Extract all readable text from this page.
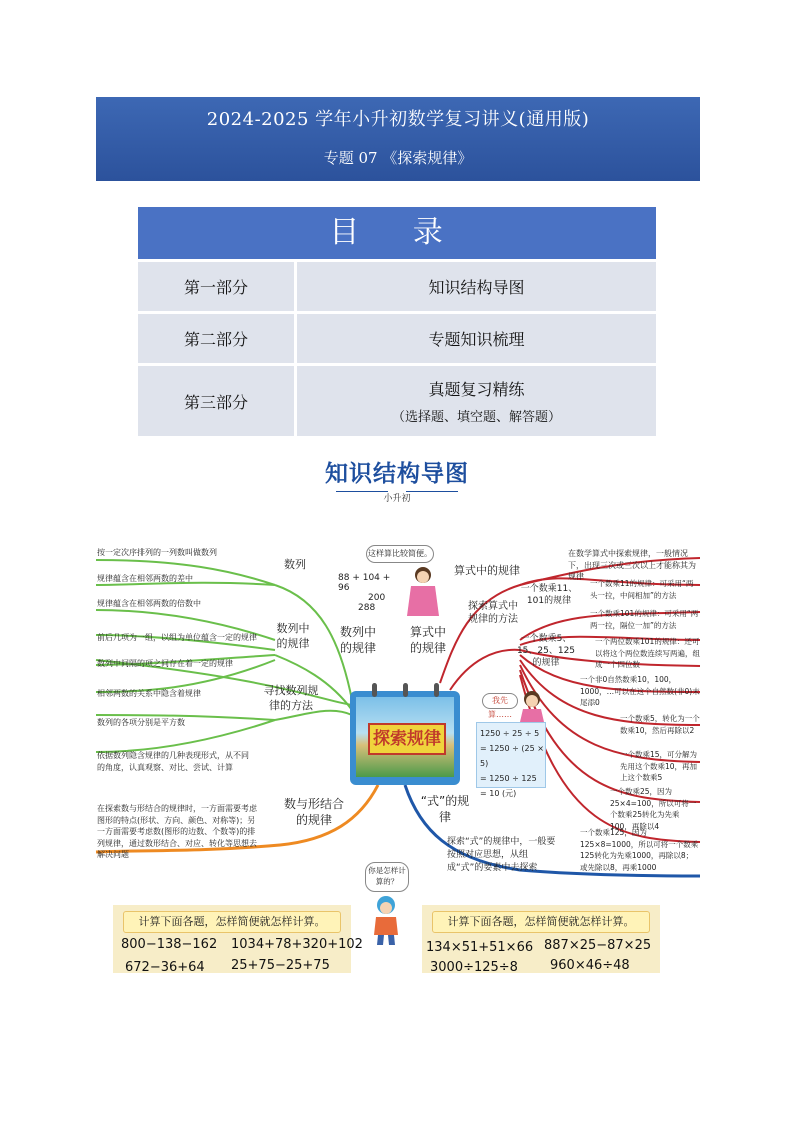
2024-2025 学年小升初数学复习讲义(通用版)
专题 07 《探索规律》
目 录
第一部分	知识结构导图
第二部分	专题知识梳理
第三部分
真题复习精练
（选择题、填空题、解答题）
知识结构导图
小升初
按一定次序排列的一列数叫做数列
规律蕴含在相邻两数的差中
规律蕴含在相邻两数的倍数中
前后几项为一组，以组为单位蕴含一定的规律
数列中间隔的项之间存在着一定的规律
相邻两数的关系中隐含着规律
数列的各项分别是平方数
依据数列隐含规律的几种表现形式，从不同的角度，认真观察、对比、尝试、计算
在探索数与形结合的规律时，一方面需要考虑图形的特点(形状、方向、颜色、对称等)；另一方面需要考虑数(图形的边数、个数等)的排列规律，通过数形结合、对应、转化等思想去解决问题
数列
数列中的规律
寻找数列规律的方法
数与形结合的规律
数列中的规律
算式中的规律
“式”的规律
算式中的规律
探索算式中规律的方法
一个数乘11、101的规律
一个数乘5、15、25、125的规律
在数学算式中探索规律，一般情况下，出现三次或三次以上才能称其为规律
一个数乘11的规律：可采用“两头一拉，中间相加”的方法
一个数乘101的规律：可采用“两两一拉，隔位一加”的方法
一个两位数乘101的规律：还可以将这个两位数连续写两遍，组成一个四位数
一个非0自然数乘10，100，1000，…可以在这个自然数(非0)末尾添0
一个数乘5，转化为一个数乘10，然后再除以2
一个数乘15，可分解为先用这个数乘10，再加上这个数乘5
一个数乘25，因为25×4=100，所以可将一个数乘25转化为先乘100，再除以4
一个数乘125，因为125×8=1000，所以可将一个数乘125转化为先乘1000，再除以8；或先除以8，再乘1000
探索“式”的规律中，一般要按照对应思想，从组成“式”的要素中去探索
探索规律
这样算比较简便。
88 + 104 + 96
200
288
我先算……
1250 ÷ 25 ÷ 5
= 1250 ÷ (25 × 5)
= 1250 ÷ 125
= 10 (元)
你是怎样计算的？
计算下面各题，怎样简便就怎样计算。
800−138−162 1034+78+320+102
672−36+64 25+75−25+75
计算下面各题，怎样简便就怎样计算。
134×51+51×66 887×25−87×25
3000÷125÷8 960×46÷48
